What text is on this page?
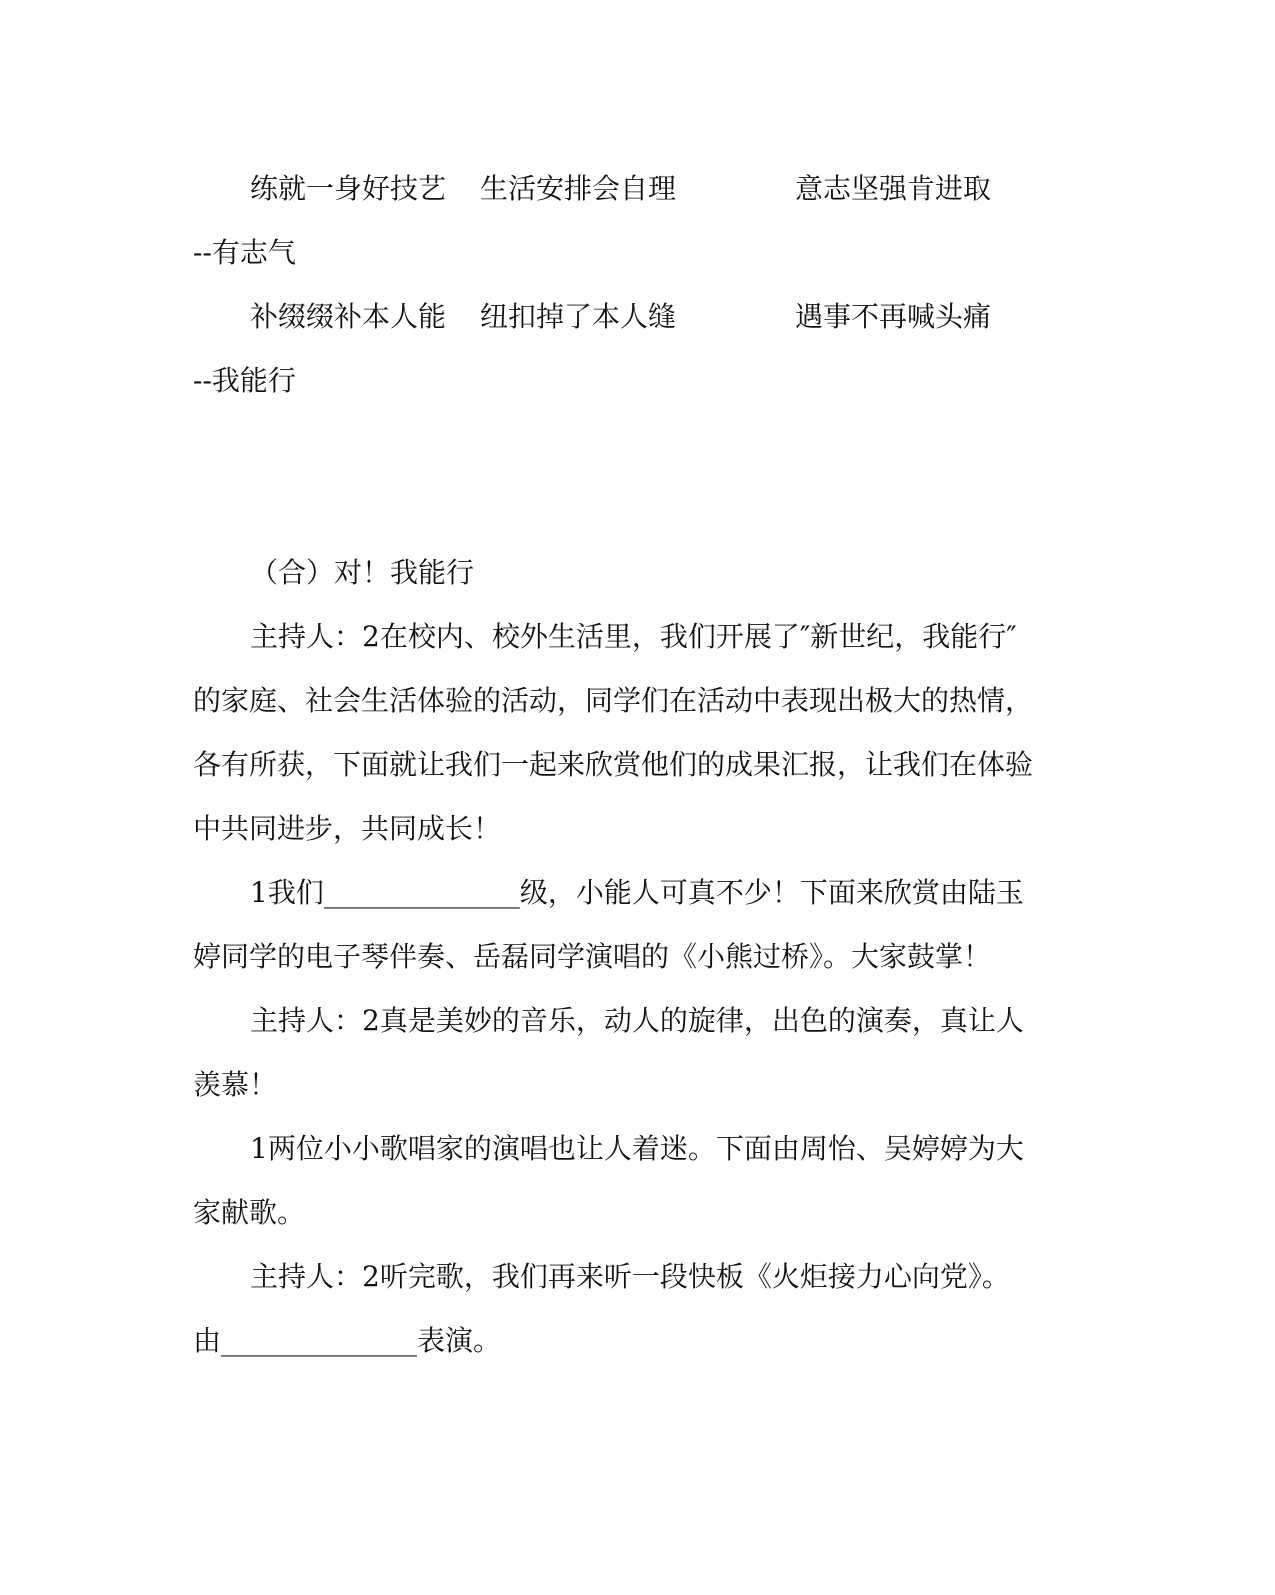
练就一身好技艺 生活安排会自理	意志坚强肯进取
--有志气
补缀缀补本人能 纽扣掉了本人缝	遇事不再喊头痛
--我能行
（合）对！我能行
主持人：2在校内、校外生活里，我们开展了″新世纪，我能行″
的家庭、社会生活体验的活动，同学们在活动中表现出极大的热情，
各有所获，下面就让我们一起来欣赏他们的成果汇报，让我们在体验
中共同进步，共同成长！
1我们______________级，小能人可真不少！下面来欣赏由陆玉
婷同学的电子琴伴奏、岳磊同学演唱的《小熊过桥》。大家鼓掌！
主持人：2真是美妙的音乐，动人的旋律，出色的演奏，真让人
羡慕！
1两位小小歌唱家的演唱也让人着迷。下面由周怡、吴婷婷为大
家献歌。
主持人：2听完歌，我们再来听一段快板《火炬接力心向党》。
由______________表演。
